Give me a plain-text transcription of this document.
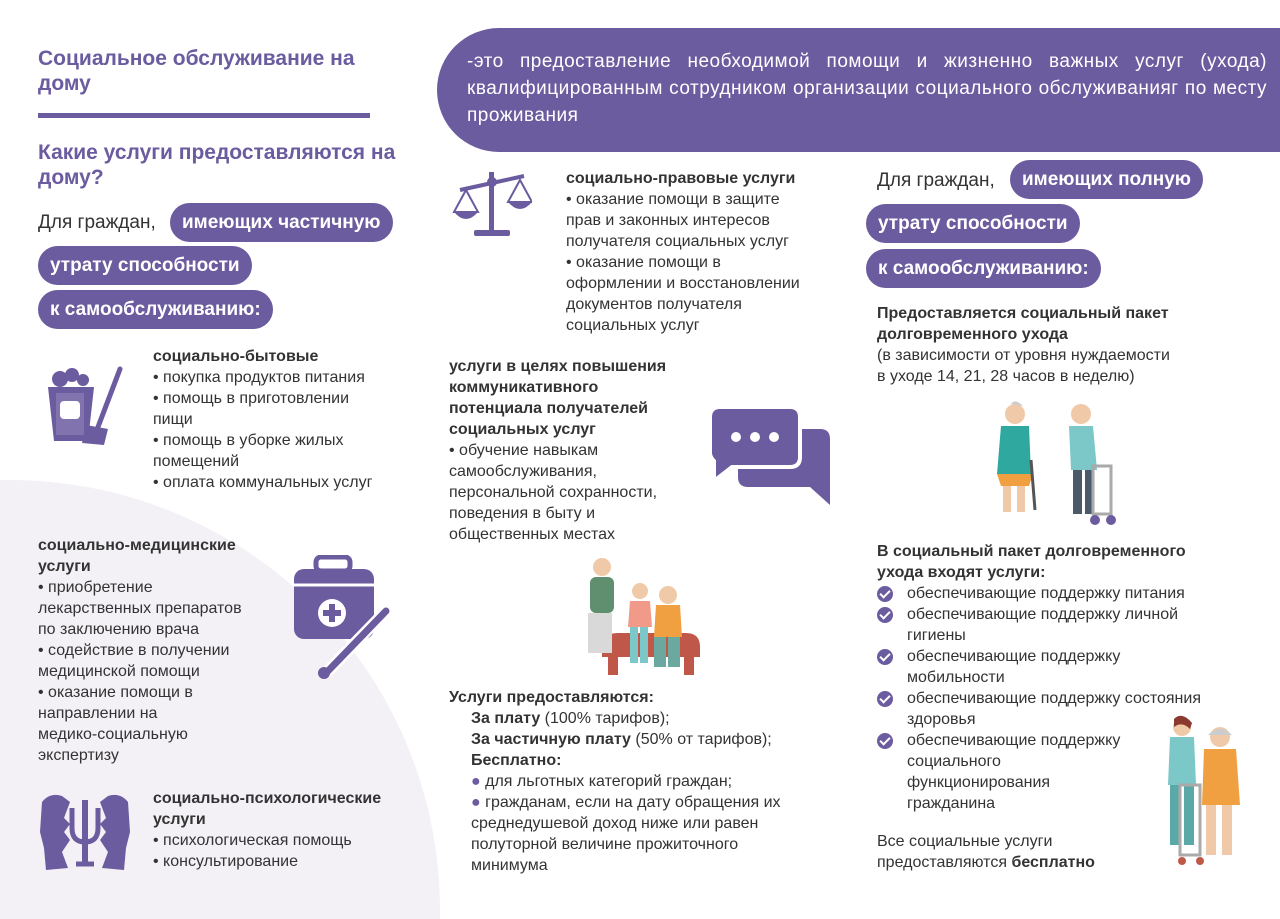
Социальное обслуживание на дому
Какие услуги предоставляются на дому?
-это предоставление необходимой помощи и жизненно важных услуг (ухода) квалифицированным сотрудником организации социального обслуживанияг по месту проживания
Для граждан,	имеющих частичную
утрату способности
к самообслуживанию:
Для граждан,	имеющих полную
утрату способности
к самообслуживанию:
социально-бытовые
• покупка продуктов питания
• помощь в приготовлении
пищи
• помощь в уборке жилых
помещений
• оплата коммунальных услуг
социально-медицинские
услуги
• приобретение
лекарственных препаратов
по заключению врача
• содействие в получении
медицинской помощи
• оказание помощи в
направлении на
медико-социальную
экспертизу
социально-психологические
услуги
• психологическая помощь
• консультирование
социально-правовые услуги
• оказание помощи в защите
прав и законных интересов
получателя социальных услуг
• оказание помощи в
оформлении и восстановлении
документов получателя
социальных услуг
услуги в целях повышения
коммуникативного
потенциала получателей
социальных услуг
• обучение навыкам
самообслуживания,
персональной сохранности,
поведения в быту и
общественных местах
Услуги предоставляются:
За плату (100% тарифов);
За частичную плату (50% от тарифов);
Бесплатно:
● для льготных категорий граждан;
● гражданам, если на дату обращения их
среднедушевой доход ниже или равен
полуторной величине прожиточного
минимума
Предоставляется социальный пакет
долговременного ухода
(в зависимости от уровня нуждаемости
в уходе 14, 21, 28 часов в неделю)
В социальный пакет долговременного
ухода входят услуги:
обеспечивающие поддержку питания
обеспечивающие поддержку личной
гигиены
обеспечивающие поддержку
мобильности
обеспечивающие поддержку состояния
здоровья
обеспечивающие поддержку
социального
функционирования
гражданина
Все социальные услуги
предоставляются бесплатно
